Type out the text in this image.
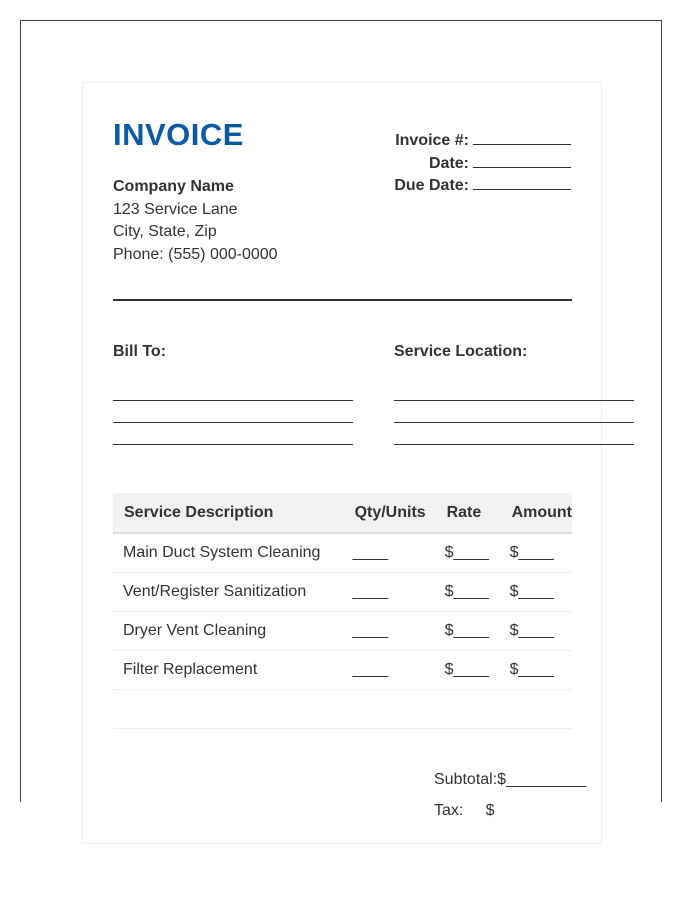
INVOICE
Company Name
123 Service Lane
City, State, Zip
Phone: (555) 000-0000
Invoice #:
Date:
Due Date:
Bill To:	Service Location:
Service Description	Qty/Units	Rate	Amount
Main Duct System Cleaning	____	$____	$____
Vent/Register Sanitization	____	$____	$____
Dryer Vent Cleaning	____	$____	$____
Filter Replacement	____	$____	$____

Subtotal:$_________
Tax:     $
